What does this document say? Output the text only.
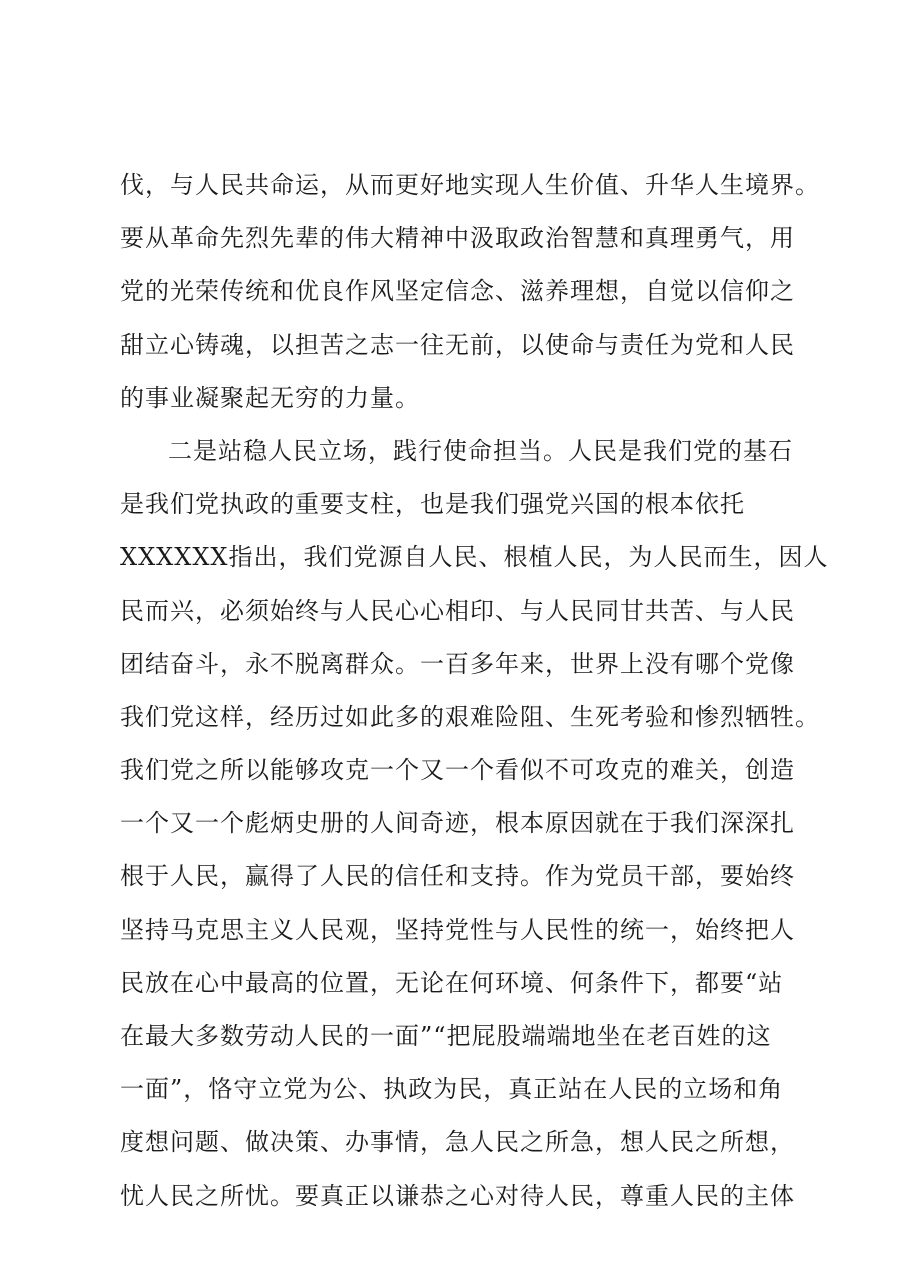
伐，与人民共命运，从而更好地实现人生价值、升华人生境界。
要从革命先烈先辈的伟大精神中汲取政治智慧和真理勇气，用
党的光荣传统和优良作风坚定信念、滋养理想，自觉以信仰之
甜立心铸魂，以担苦之志一往无前，以使命与责任为党和人民
的事业凝聚起无穷的力量。
二是站稳人民立场，践行使命担当。人民是我们党的基石
是我们党执政的重要支柱，也是我们强党兴国的根本依托
XXXXXX指出，我们党源自人民、根植人民，为人民而生，因人
民而兴，必须始终与人民心心相印、与人民同甘共苦、与人民
团结奋斗，永不脱离群众。一百多年来，世界上没有哪个党像
我们党这样，经历过如此多的艰难险阻、生死考验和惨烈牺牲。
我们党之所以能够攻克一个又一个看似不可攻克的难关，创造
一个又一个彪炳史册的人间奇迹，根本原因就在于我们深深扎
根于人民，赢得了人民的信任和支持。作为党员干部，要始终
坚持马克思主义人民观，坚持党性与人民性的统一，始终把人
民放在心中最高的位置，无论在何环境、何条件下，都要“站
在最大多数劳动人民的一面”“把屁股端端地坐在老百姓的这
一面”，恪守立党为公、执政为民，真正站在人民的立场和角
度想问题、做决策、办事情，急人民之所急，想人民之所想，
忧人民之所忧。要真正以谦恭之心对待人民，尊重人民的主体
